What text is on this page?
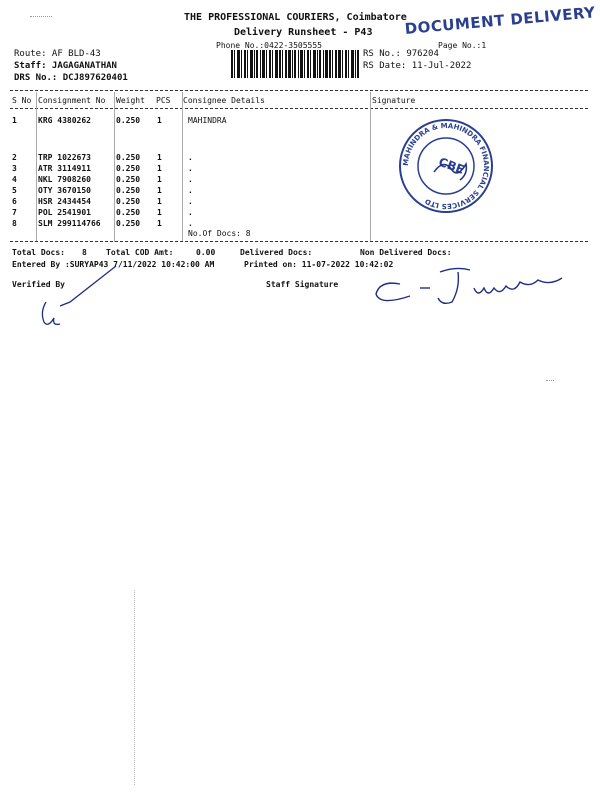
THE PROFESSIONAL COURIERS, Coimbatore
Delivery Runsheet - P43
Phone No.:0422-3505555	Page No.:1
DOCUMENT DELIVERY
Route: AF BLD-43
Staff: JAGAGANATHAN
DRS No.: DCJ897620401
RS No.: 976204
RS Date: 11-Jul-2022
S No Consignment No Weight PCS Consignee Details	Signature
1	KRG 4380262	0.250 1	MAHINDRA
2	TRP 1022673	0.250 1	.
3	ATR 3114911	0.250 1	.
4	NKL 7908260	0.250 1	.
5	OTY 3670150	0.250 1	.
6	HSR 2434454	0.250 1	.
7	POL 2541901	0.250 1	.
8	SLM 299114766 0.250 1	.
No.Of Docs: 8
MAHINDRA & MAHINDRA FINANCIAL SERVICES LTD
CBE
Total Docs: 8 Total COD Amt:	0.00	Delivered Docs:	Non Delivered Docs:
Entered By :SURYAP43 7/11/2022 10:42:00 AM	Printed on: 11-07-2022 10:42:02
Verified By	Staff Signature
